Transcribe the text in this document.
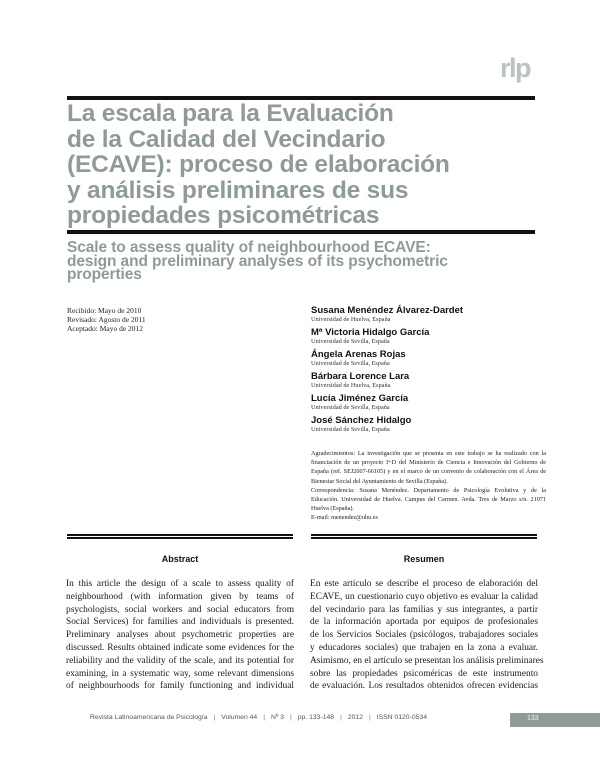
rlp
La escala para la Evaluación
de la Calidad del Vecindario
(ECAVE): proceso de elaboración
y análisis preliminares de sus
propiedades psicométricas
Scale to assess quality of neighbourhood ECAVE:
design and preliminary analyses of its psychometric
properties
Recibido: Mayo de 2010
Revisado: Agosto de 2011
Aceptado: Mayo de 2012
Susana Menéndez Álvarez-Dardet
Universidad de Huelva, España
Mª Victoria Hidalgo García
Universidad de Sevilla, España
Ángela Arenas Rojas
Universidad de Sevilla, España
Bárbara Lorence Lara
Universidad de Huelva, España
Lucía Jiménez García
Universidad de Sevilla, España
José Sánchez Hidalgo
Universidad de Sevilla, España

Agradecimientos: La investigación que se presenta en este trabajo se ha realizado con la financiación de un proyecto I+D del Ministerio de Ciencia e Innovación del Gobierno de España (ref. SEJ2007-66105) y en el marco de un convenio de colaboración con el Área de Bienestar Social del Ayuntamiento de Sevilla (España).

Correspondencia: Susana Menéndez. Departamento de Psicología Evolutiva y de la Educación. Universidad de Huelva. Campus del Carmen. Avda. Tres de Marzo s/n. 21071 Huelva (España).

E-mail: menendez@uhu.es

Abstract	Resumen
In this article the design of a scale to assess quality of
neighbourhood (with information given by teams of
psychologists, social workers and social educators from
Social Services) for families and individuals is presented.
Preliminary analyses about psychometric properties are
discussed. Results obtained indicate some evidences for the
reliability and the validity of the scale, and its potential for
examining, in a systematic way, some relevant dimensions
of neighbourhoods for family functioning and individual
En este artículo se describe el proceso de elaboración del
ECAVE, un cuestionario cuyo objetivo es evaluar la calidad
del vecindario para las familias y sus integrantes, a partir
de la información aportada por equipos de profesionales
de los Servicios Sociales (psicólogos, trabajadores sociales
y educadores sociales) que trabajen en la zona a evaluar.
Asimismo, en el artículo se presentan los análisis preliminares
sobre las propiedades psicoméricas de este instrumento
de evaluación. Los resultados obtenidos ofrecen evidencias
Revista Latinoamericana de Psicología | Volumen 44 | Nº 3 | pp. 133-148 | 2012 | ISSN 0120-0534	133
